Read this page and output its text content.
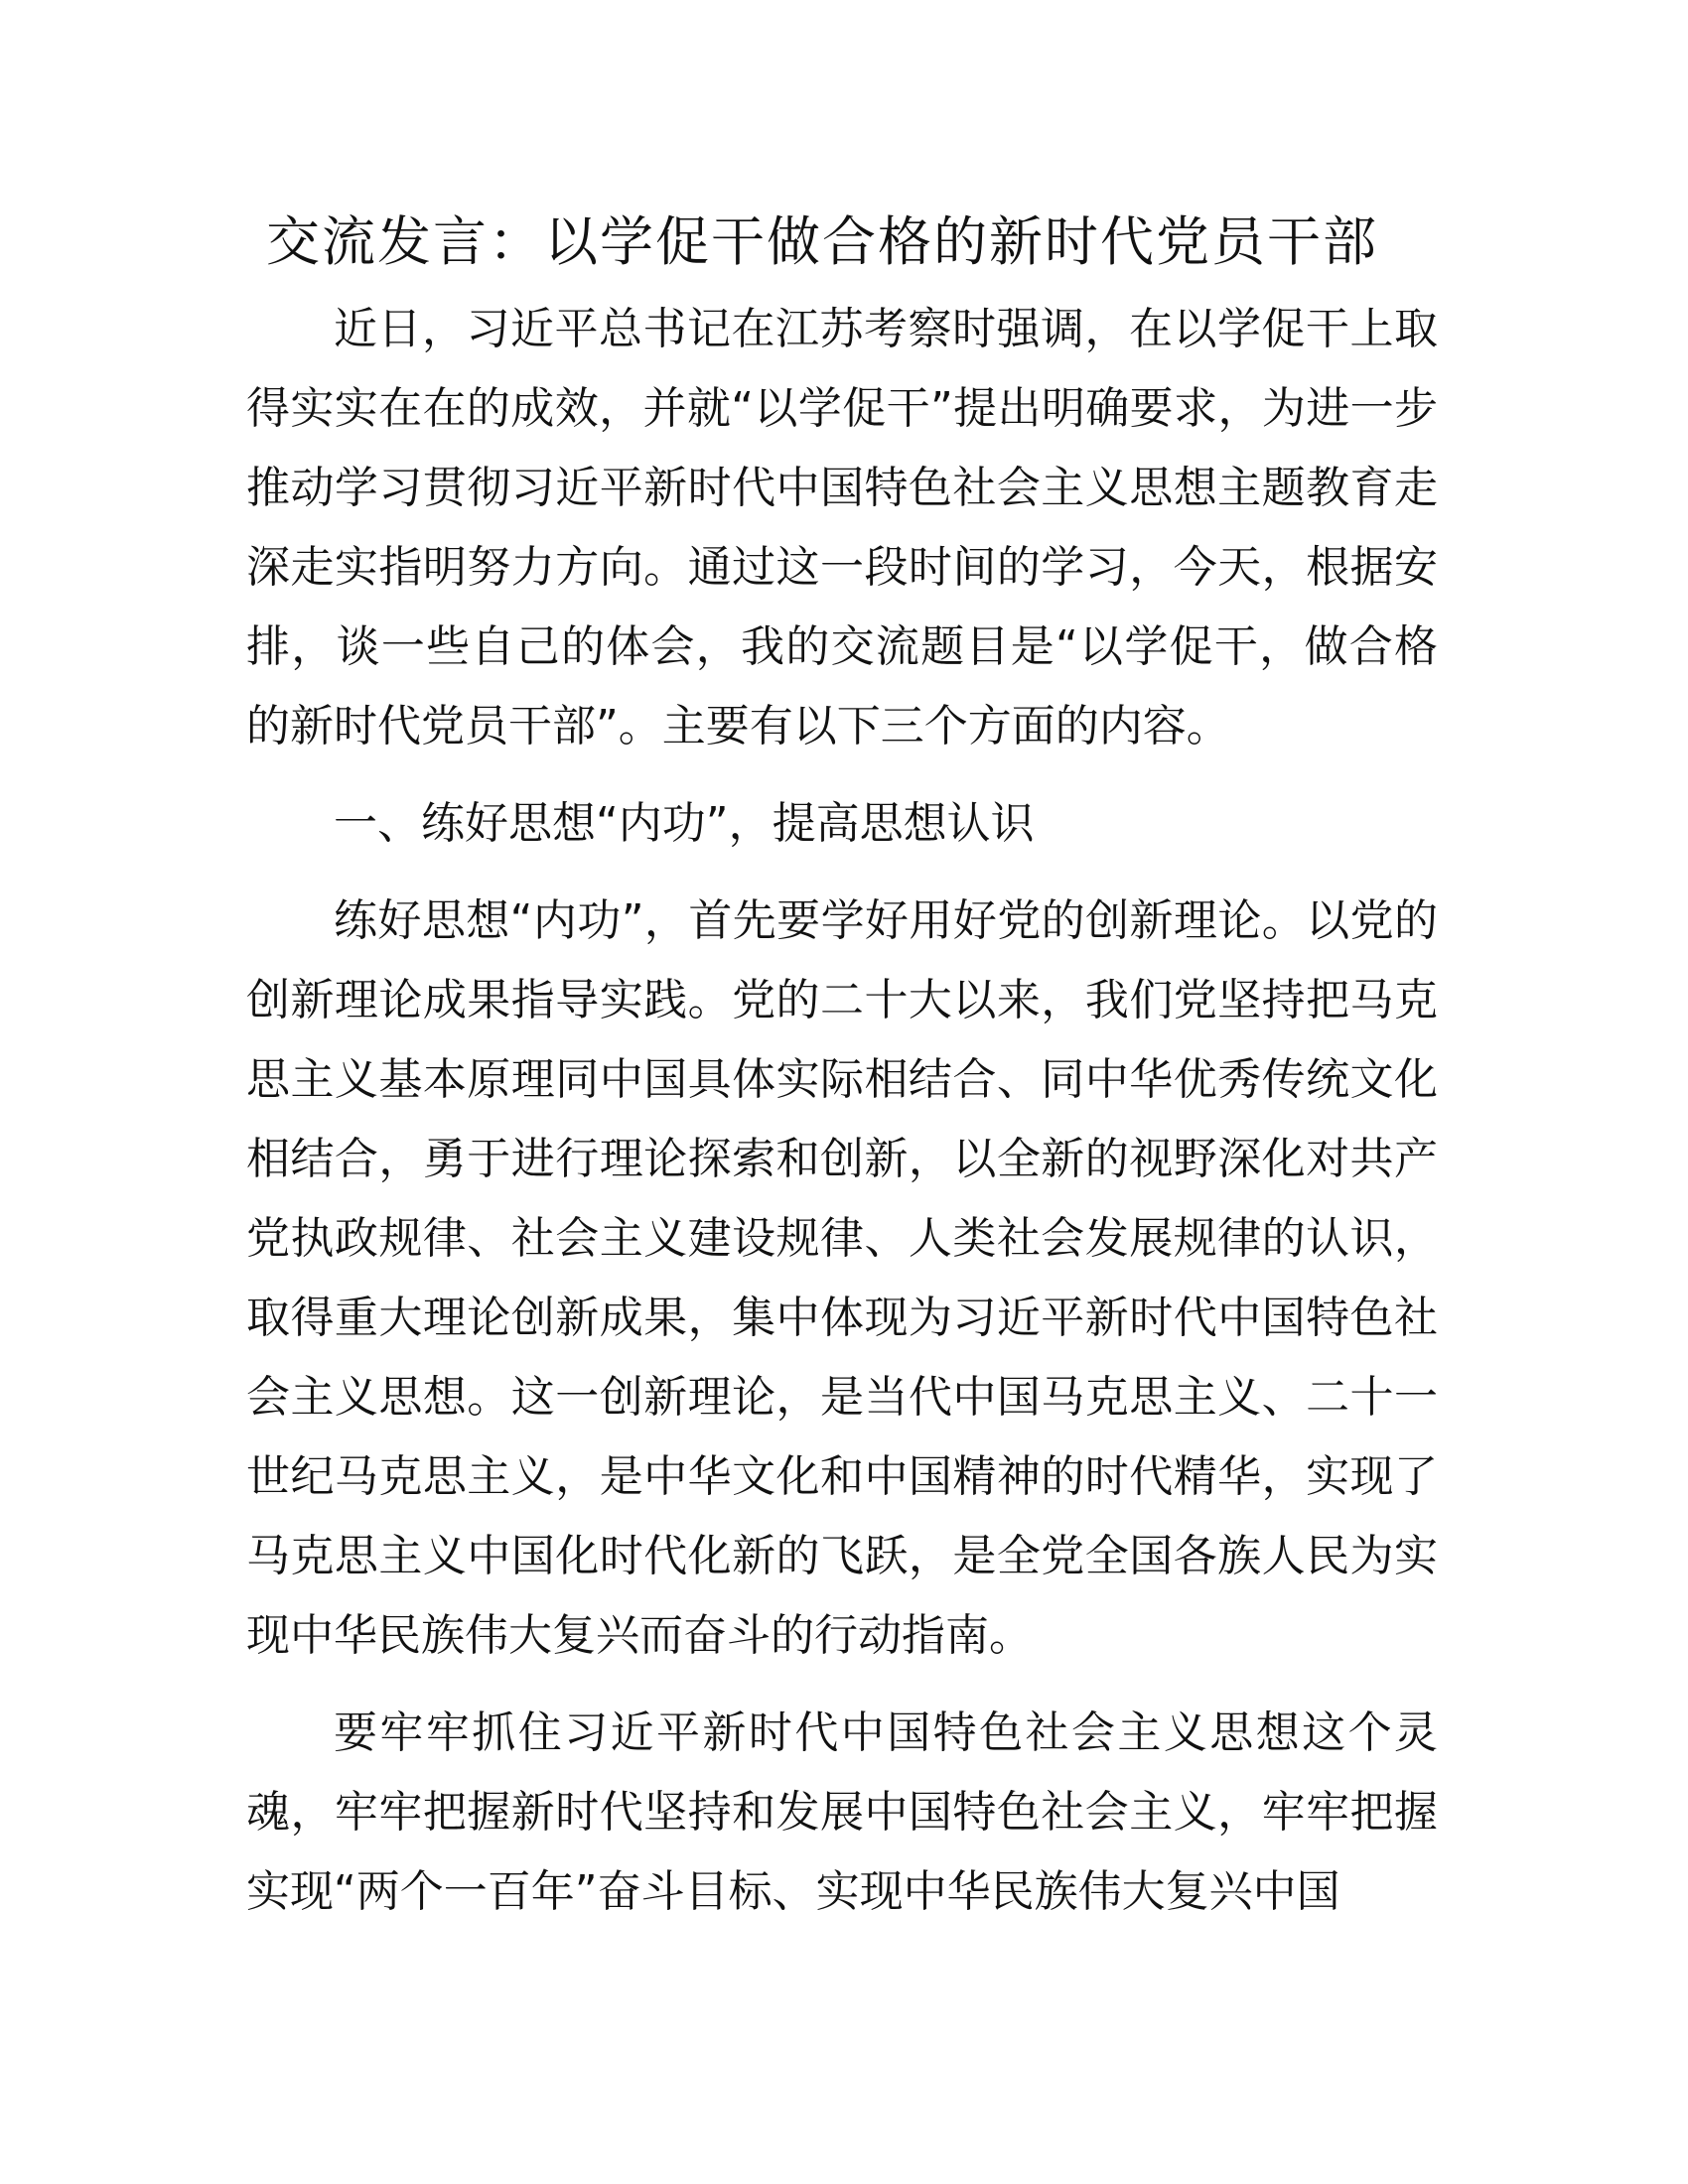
交流发言：以学促干做合格的新时代党员干部

近日，习近平总书记在江苏考察时强调，在以学促干上取得实实在在的成效，并就“以学促干”提出明确要求，为进一步推动学习贯彻习近平新时代中国特色社会主义思想主题教育走深走实指明努力方向。通过这一段时间的学习，今天，根据安排，谈一些自己的体会，我的交流题目是“以学促干，做合格的新时代党员干部”。主要有以下三个方面的内容。

一、练好思想“内功”，提高思想认识

练好思想“内功”，首先要学好用好党的创新理论。以党的创新理论成果指导实践。党的二十大以来，我们党坚持把马克思主义基本原理同中国具体实际相结合、同中华优秀传统文化相结合，勇于进行理论探索和创新，以全新的视野深化对共产党执政规律、社会主义建设规律、人类社会发展规律的认识，取得重大理论创新成果，集中体现为习近平新时代中国特色社会主义思想。这一创新理论，是当代中国马克思主义、二十一世纪马克思主义，是中华文化和中国精神的时代精华，实现了马克思主义中国化时代化新的飞跃，是全党全国各族人民为实现中华民族伟大复兴而奋斗的行动指南。

要牢牢抓住习近平新时代中国特色社会主义思想这个灵魂，牢牢把握新时代坚持和发展中国特色社会主义，牢牢把握实现“两个一百年”奋斗目标、实现中华民族伟大复兴中国
